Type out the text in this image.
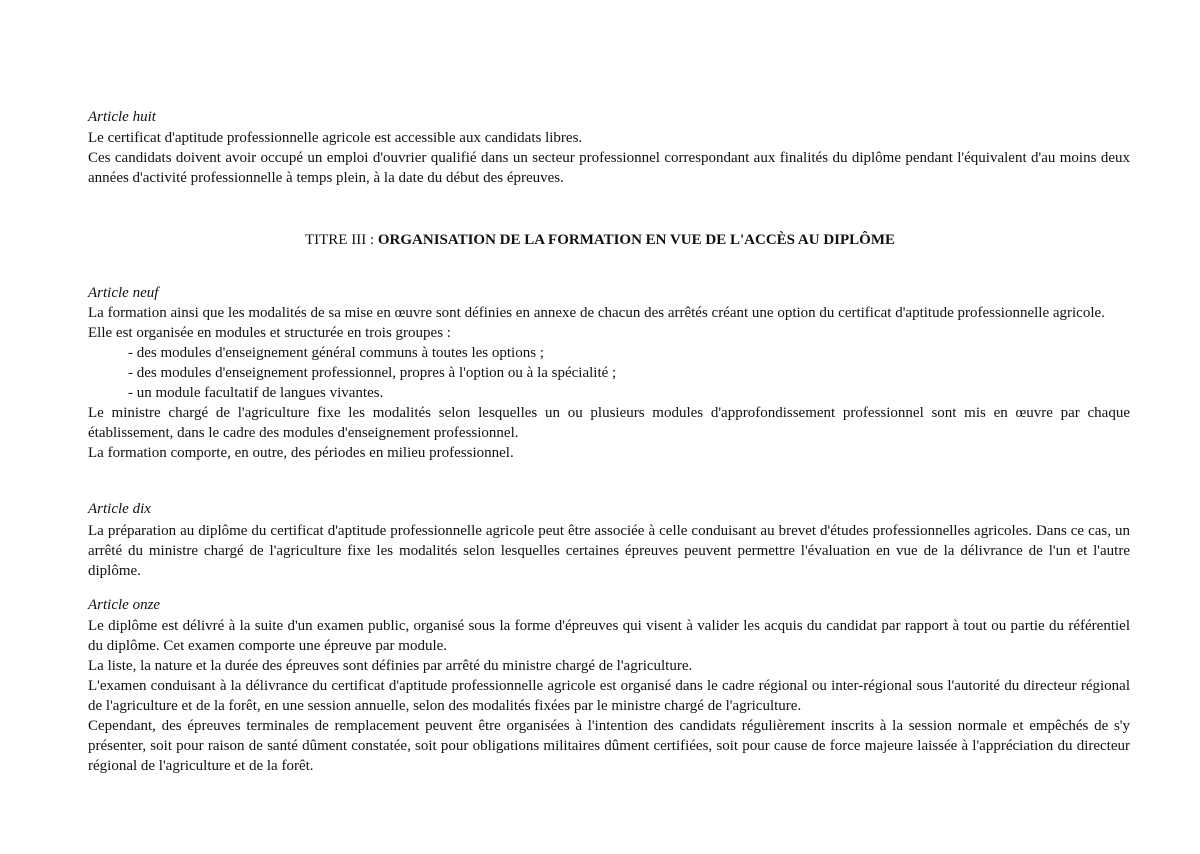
Article huit

Le certificat d'aptitude professionnelle agricole est accessible aux candidats libres.

Ces candidats doivent avoir occupé un emploi d'ouvrier qualifié dans un secteur professionnel correspondant aux finalités du diplôme pendant l'équivalent d'au moins deux années d'activité professionnelle à temps plein, à la date du début des épreuves.

TITRE III : ORGANISATION DE LA FORMATION EN VUE DE L'ACCÈS AU DIPLÔME
Article neuf

La formation ainsi que les modalités de sa mise en œuvre sont définies en annexe de chacun des arrêtés créant une option du certificat d'aptitude professionnelle agricole.

Elle est organisée en modules et structurée en trois groupes :

- des modules d'enseignement général communs à toutes les options ;
- des modules d'enseignement professionnel, propres à l'option ou à la spécialité ;
- un module facultatif de langues vivantes.

Le ministre chargé de l'agriculture fixe les modalités selon lesquelles un ou plusieurs modules d'approfondissement professionnel sont mis en œuvre par chaque établissement, dans le cadre des modules d'enseignement professionnel.

La formation comporte, en outre, des périodes en milieu professionnel.

Article dix

La préparation au diplôme du certificat d'aptitude professionnelle agricole peut être associée à celle conduisant au brevet d'études professionnelles agricoles. Dans ce cas, un arrêté du ministre chargé de l'agriculture fixe les modalités selon lesquelles certaines épreuves peuvent permettre l'évaluation en vue de la délivrance de l'un et l'autre diplôme.

Article onze

Le diplôme est délivré à la suite d'un examen public, organisé sous la forme d'épreuves qui visent à valider les acquis du candidat par rapport à tout ou partie du référentiel du diplôme. Cet examen comporte une épreuve par module.

La liste, la nature et la durée des épreuves sont définies par arrêté du ministre chargé de l'agriculture.

L'examen conduisant à la délivrance du certificat d'aptitude professionnelle agricole est organisé dans le cadre régional ou inter-régional sous l'autorité du directeur régional de l'agriculture et de la forêt, en une session annuelle, selon des modalités fixées par le ministre chargé de l'agriculture.

Cependant, des épreuves terminales de remplacement peuvent être organisées à l'intention des candidats régulièrement inscrits à la session normale et empêchés de s'y présenter, soit pour raison de santé dûment constatée, soit pour obligations militaires dûment certifiées, soit pour cause de force majeure laissée à l'appréciation du directeur régional de l'agriculture et de la forêt.
